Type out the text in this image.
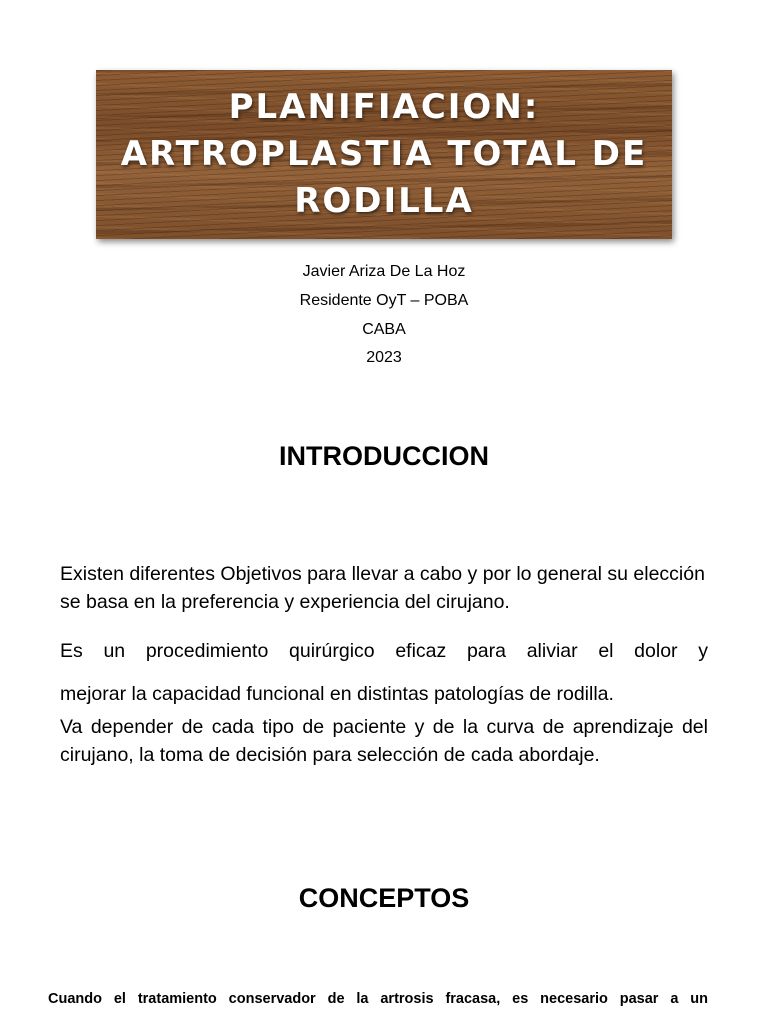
PLANIFIACION:
ARTROPLASTIA TOTAL DE
RODILLA
Javier Ariza De La Hoz
Residente OyT – POBA
CABA
2023
INTRODUCCION
Existen diferentes Objetivos para llevar a cabo y por lo general su elección se basa en la preferencia y experiencia del cirujano.
Es un procedimiento quirúrgico eficaz para aliviar el dolor y
mejorar la capacidad funcional en distintas patologías de rodilla.
Va depender de cada tipo de paciente y de la curva de aprendizaje del cirujano, la toma de decisión para selección de cada abordaje.
CONCEPTOS
Cuando el tratamiento conservador de la artrosis fracasa, es necesario pasar a un
